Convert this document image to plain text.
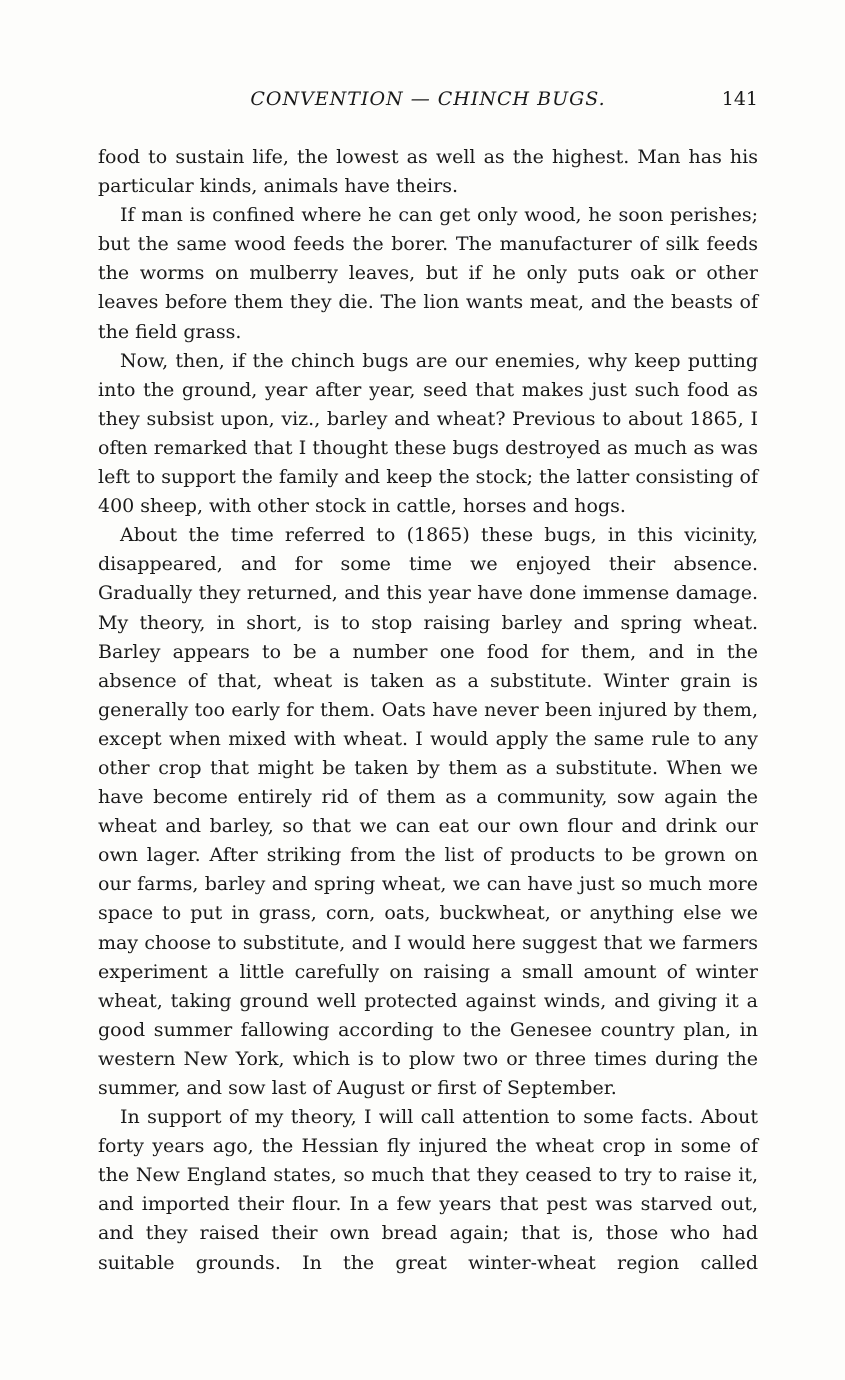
CONVENTION — CHINCH BUGS.	141

food to sustain life, the lowest as well as the highest. Man has his particular kinds, animals have theirs.

If man is confined where he can get only wood, he soon perishes; but the same wood feeds the borer. The manufacturer of silk feeds the worms on mulberry leaves, but if he only puts oak or other leaves before them they die. The lion wants meat, and the beasts of the field grass.

Now, then, if the chinch bugs are our enemies, why keep putting into the ground, year after year, seed that makes just such food as they subsist upon, viz., barley and wheat? Previous to about 1865, I often remarked that I thought these bugs destroyed as much as was left to support the family and keep the stock; the latter consisting of 400 sheep, with other stock in cattle, horses and hogs.

About the time referred to (1865) these bugs, in this vicinity, disappeared, and for some time we enjoyed their absence. Gradually they returned, and this year have done immense damage. My theory, in short, is to stop raising barley and spring wheat. Barley appears to be a number one food for them, and in the absence of that, wheat is taken as a substitute. Winter grain is generally too early for them. Oats have never been injured by them, except when mixed with wheat. I would apply the same rule to any other crop that might be taken by them as a substitute. When we have become entirely rid of them as a community, sow again the wheat and barley, so that we can eat our own flour and drink our own lager. After striking from the list of products to be grown on our farms, barley and spring wheat, we can have just so much more space to put in grass, corn, oats, buckwheat, or anything else we may choose to substitute, and I would here suggest that we farmers experiment a little carefully on raising a small amount of winter wheat, taking ground well protected against winds, and giving it a good summer fallowing according to the Genesee country plan, in western New York, which is to plow two or three times during the summer, and sow last of August or first of September.

In support of my theory, I will call attention to some facts. About forty years ago, the Hessian fly injured the wheat crop in some of the New England states, so much that they ceased to try to raise it, and imported their flour. In a few years that pest was starved out, and they raised their own bread again; that is, those who had suitable grounds. In the great winter-wheat region called
